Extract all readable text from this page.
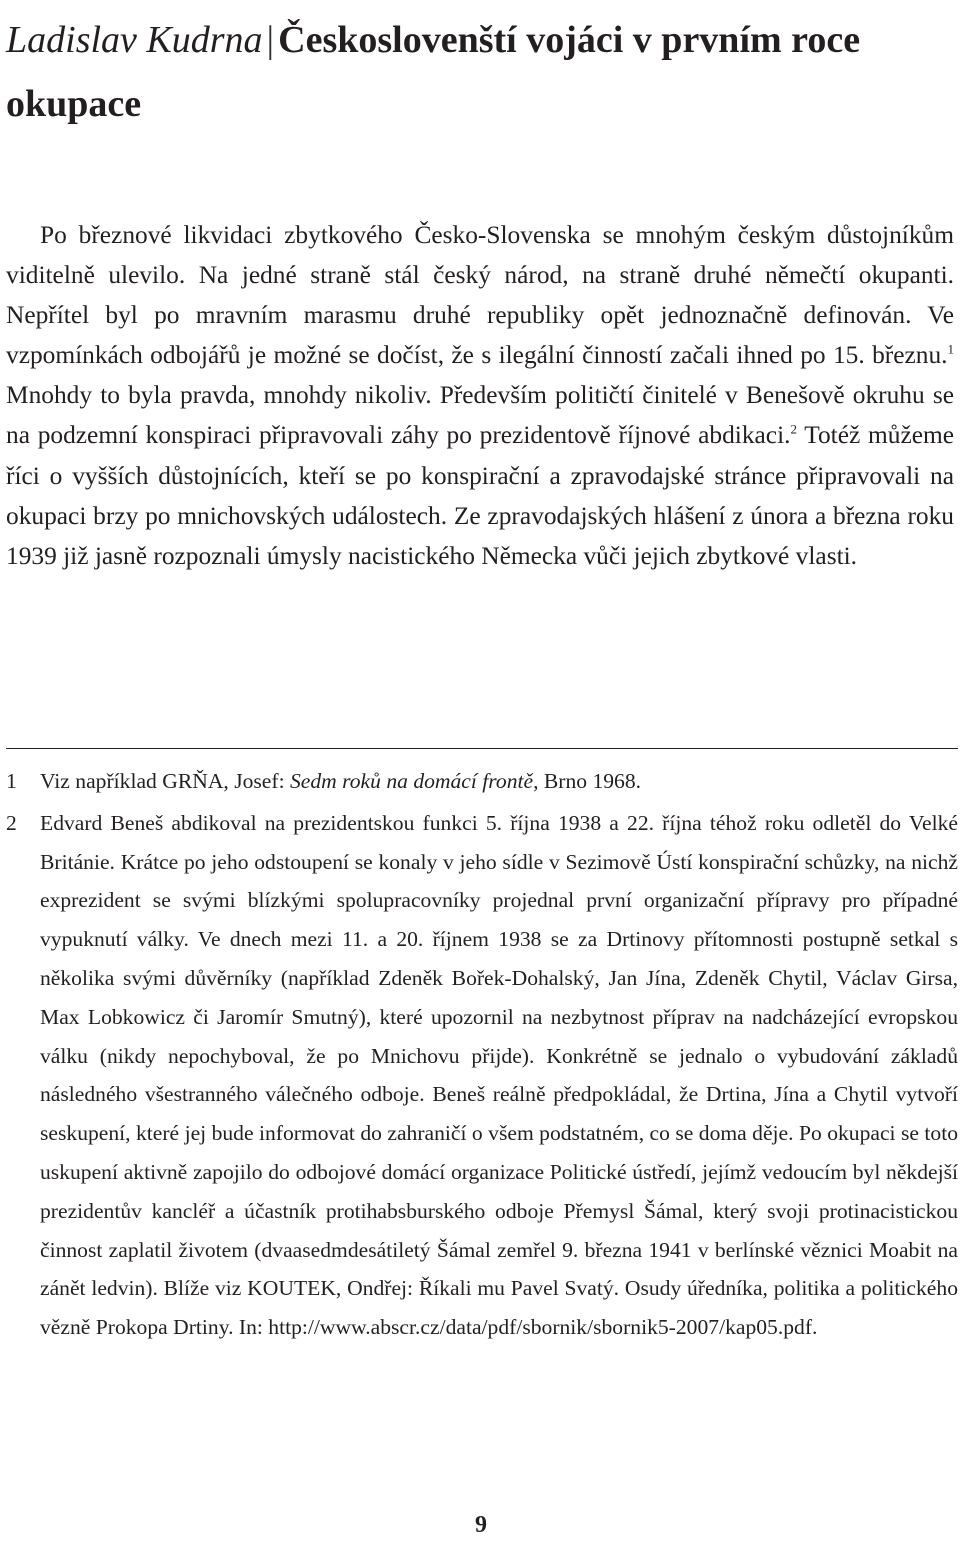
Ladislav Kudrna | Českoslovenští vojáci v prvním roce okupace

Po březnové likvidaci zbytkového Česko-Slovenska se mnohým českým důstojníkům viditelně ulevilo. Na jedné straně stál český národ, na straně druhé němečtí okupanti. Nepřítel byl po mravním marasmu druhé republiky opět jednoznačně definován. Ve vzpomínkách odbojářů je možné se dočíst, že s ilegální činností začali ihned po 15. březnu.$^1$ Mnohdy to byla pravda, mnohdy nikoliv. Především političtí činitelé v Benešově okruhu se na podzemní konspiraci připravovali záhy po prezidentově říjnové abdikaci.$^2$ Totéž můžeme říci o vyšších důstojnících, kteří se po konspirační a zpravodajské stránce připravovali na okupaci brzy po mnichovských událostech. Ze zpravodajských hlášení z února a března roku 1939 již jasně rozpoznali úmysly nacistického Německa vůči jejich zbytkové vlasti.

1 Viz například GRŇA, Josef: Sedm roků na domácí frontě, Brno 1968.
2 Edvard Beneš abdikoval na prezidentskou funkci 5. října 1938 a 22. října téhož roku odletěl do Velké Británie. Krátce po jeho odstoupení se konaly v jeho sídle v Sezimově Ústí konspirační schůzky, na nichž exprezident se svými blízkými spolupracovníky projednal první organizační přípravy pro případné vypuknutí války. Ve dnech mezi 11. a 20. říjnem 1938 se za Drtinovy přítomnosti postupně setkal s několika svými důvěrníky (například Zdeněk Bořek-Dohalský, Jan Jína, Zdeněk Chytil, Václav Girsa, Max Lobkowicz či Jaromír Smutný), které upozornil na nezbytnost příprav na nadcházející evropskou válku (nikdy nepochyboval, že po Mnichovu přijde). Konkrétně se jednalo o vybudování základů následného všestranného válečného odboje. Beneš reálně předpokládal, že Drtina, Jína a Chytil vytvoří seskupení, které jej bude informovat do zahraničí o všem podstatném, co se doma děje. Po okupaci se toto uskupení aktivně zapojilo do odbojové domácí organizace Politické ústředí, jejímž vedoucím byl někdejší prezidentův kancléř a účastník protihabsburského odboje Přemysl Šámal, který svoji protinacistickou činnost zaplatil životem (dvaasedmdesátiletý Šámal zemřel 9. března 1941 v berlínské věznici Moabit na zánět ledvin). Blíže viz KOUTEK, Ondřej: Říkali mu Pavel Svatý. Osudy úředníka, politika a politického vězně Prokopa Drtiny. In: http://www.abscr.cz/data/pdf/sbornik/sbornik5-2007/kap05.pdf.
9
